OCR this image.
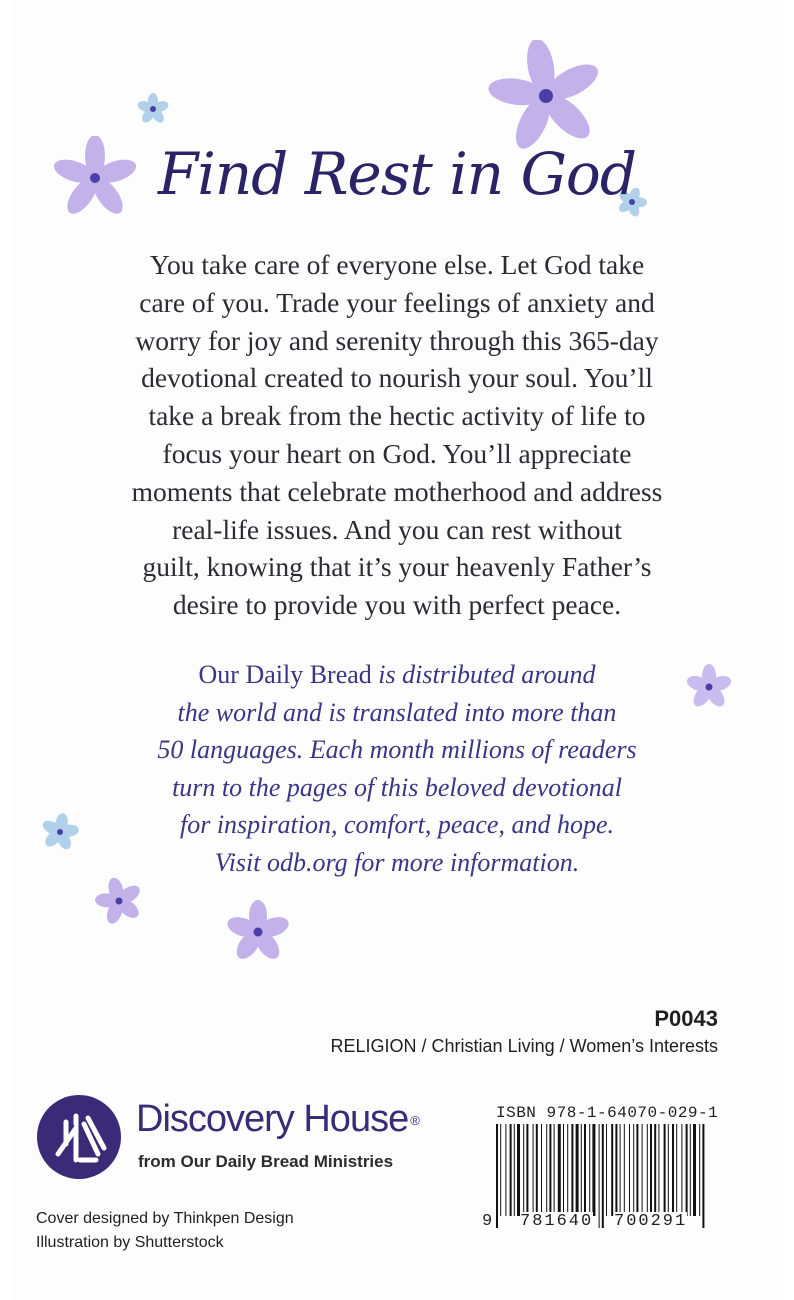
Find Rest in God
You take care of everyone else. Let God take
care of you. Trade your feelings of anxiety and
worry for joy and serenity through this 365-day
devotional created to nourish your soul. You’ll
take a break from the hectic activity of life to
focus your heart on God. You’ll appreciate
moments that celebrate motherhood and address
real-life issues. And you can rest without
guilt, knowing that it’s your heavenly Father’s
desire to provide you with perfect peace.
Our Daily Bread is distributed around
the world and is translated into more than
50 languages. Each month millions of readers
turn to the pages of this beloved devotional
for inspiration, comfort, peace, and hope.
Visit odb.org for more information.
P0043
RELIGION / Christian Living / Women’s Interests
Discovery House ®
from Our Daily Bread Ministries
Cover designed by Thinkpen Design
Illustration by Shutterstock
ISBN 978-1-64070-029-1
9 781640 700291
